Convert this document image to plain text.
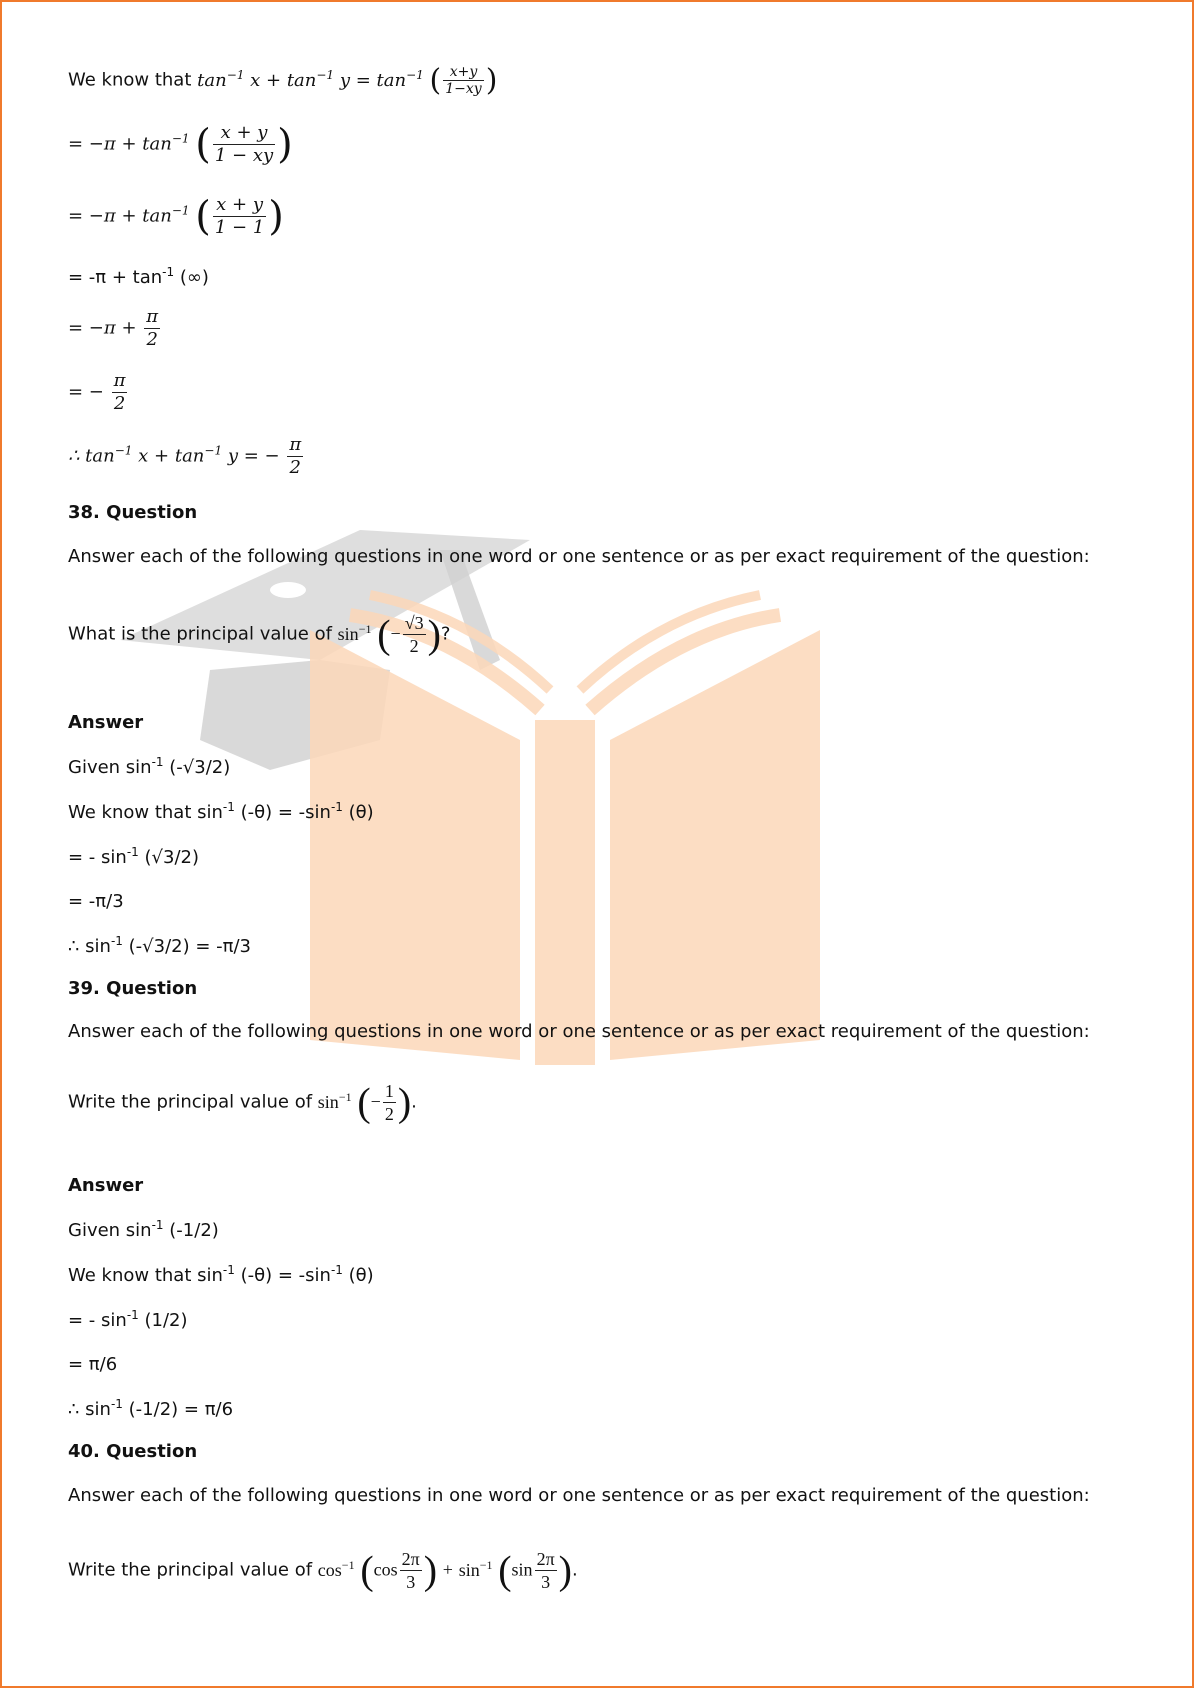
We know that $\tan^{-1} x + \tan^{-1} y = \tan^{-1}$ ( $\frac{x+y}{1-xy}$ )
= $-\pi + \tan^{-1}$ ( $\frac{x + y}{1 - xy}$ )
= $-\pi + \tan^{-1}$ ( $\frac{x + y}{1 - 1}$ )
= $-\pi + \tan^{-1}$ (∞)
= $-\pi + \frac{\pi}{2}$
= − $\frac{\pi}{2}$
∴ $\tan^{-1} x + \tan^{-1} y$ = − $\frac{\pi}{2}$
38. Question
Answer each of the following questions in one word or one sentence or as per exact requirement of the question:
What is the principal value of $\sin^{-1}$ (− $\frac{√3}{2}$ )?
Answer
Given $\sin^{-1} (-√3/2)$
We know that $\sin^{-1} (-\theta) = -\sin^{-1}$ (θ)
= - $\sin^{-1} (√3/2)$
= -π/3
∴ $\sin^{-1} (-√3/2) = -\pi/3$
39. Question
Answer each of the following questions in one word or one sentence or as per exact requirement of the question:
Write the principal value of $\sin^{-1}$ (− $\frac{1}{2}$ ).
Answer
Given $\sin^{-1} (-1/2)$
We know that $\sin^{-1} (-\theta) = -\sin^{-1}$ (θ)
= - $\sin^{-1} (1/2)$
= π/6
∴ $\sin^{-1} (-1/2) = \pi/6$
40. Question
Answer each of the following questions in one word or one sentence or as per exact requirement of the question:
Write the principal value of $\cos^{-1} (\cos \frac{2\pi}{3}$ ) + $\sin^{-1} (\sin \frac{2\pi}{3}$ ).
